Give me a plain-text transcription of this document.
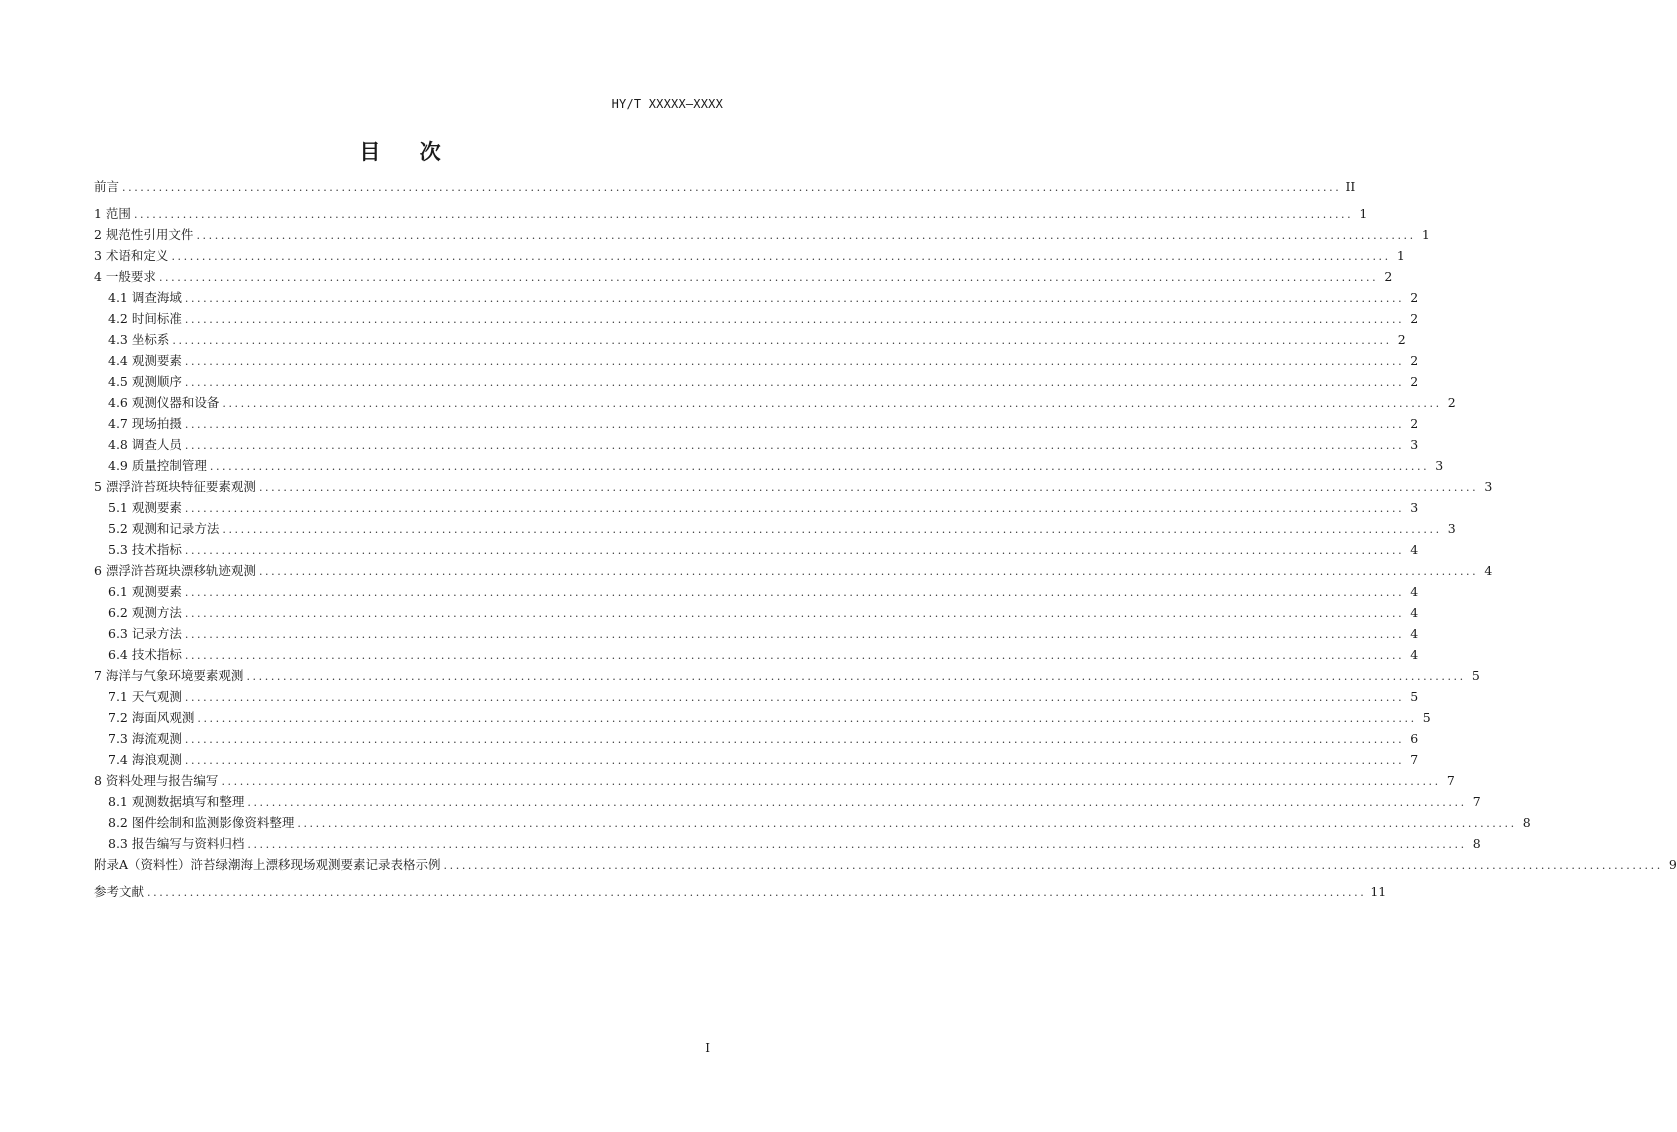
HY/T XXXXX—XXXX
目 次
前言 ........................................................................................................................................................................................................ II
1 范围 ........................................................................................................................................................................................................ 1
2 规范性引用文件 ........................................................................................................................................................................................................ 1
3 术语和定义 ........................................................................................................................................................................................................ 1
4 一般要求 ........................................................................................................................................................................................................ 2
4.1 调查海域 ........................................................................................................................................................................................................ 2
4.2 时间标准 ........................................................................................................................................................................................................ 2
4.3 坐标系 ........................................................................................................................................................................................................ 2
4.4 观测要素 ........................................................................................................................................................................................................ 2
4.5 观测顺序 ........................................................................................................................................................................................................ 2
4.6 观测仪器和设备 ........................................................................................................................................................................................................ 2
4.7 现场拍摄 ........................................................................................................................................................................................................ 2
4.8 调查人员 ........................................................................................................................................................................................................ 3
4.9 质量控制管理 ........................................................................................................................................................................................................ 3
5 漂浮浒苔斑块特征要素观测 ........................................................................................................................................................................................................ 3
5.1 观测要素 ........................................................................................................................................................................................................ 3
5.2 观测和记录方法 ........................................................................................................................................................................................................ 3
5.3 技术指标 ........................................................................................................................................................................................................ 4
6 漂浮浒苔斑块漂移轨迹观测 ........................................................................................................................................................................................................ 4
6.1 观测要素 ........................................................................................................................................................................................................ 4
6.2 观测方法 ........................................................................................................................................................................................................ 4
6.3 记录方法 ........................................................................................................................................................................................................ 4
6.4 技术指标 ........................................................................................................................................................................................................ 4
7 海洋与气象环境要素观测 ........................................................................................................................................................................................................ 5
7.1 天气观测 ........................................................................................................................................................................................................ 5
7.2 海面风观测 ........................................................................................................................................................................................................ 5
7.3 海流观测 ........................................................................................................................................................................................................ 6
7.4 海浪观测 ........................................................................................................................................................................................................ 7
8 资料处理与报告编写 ........................................................................................................................................................................................................ 7
8.1 观测数据填写和整理 ........................................................................................................................................................................................................ 7
8.2 图件绘制和监测影像资料整理 ........................................................................................................................................................................................................ 8
8.3 报告编写与资料归档 ........................................................................................................................................................................................................ 8
附录A（资料性）浒苔绿潮海上漂移现场观测要素记录表格示例 ........................................................................................................................................................................................................ 9
参考文献 ........................................................................................................................................................................................................ 11
I
